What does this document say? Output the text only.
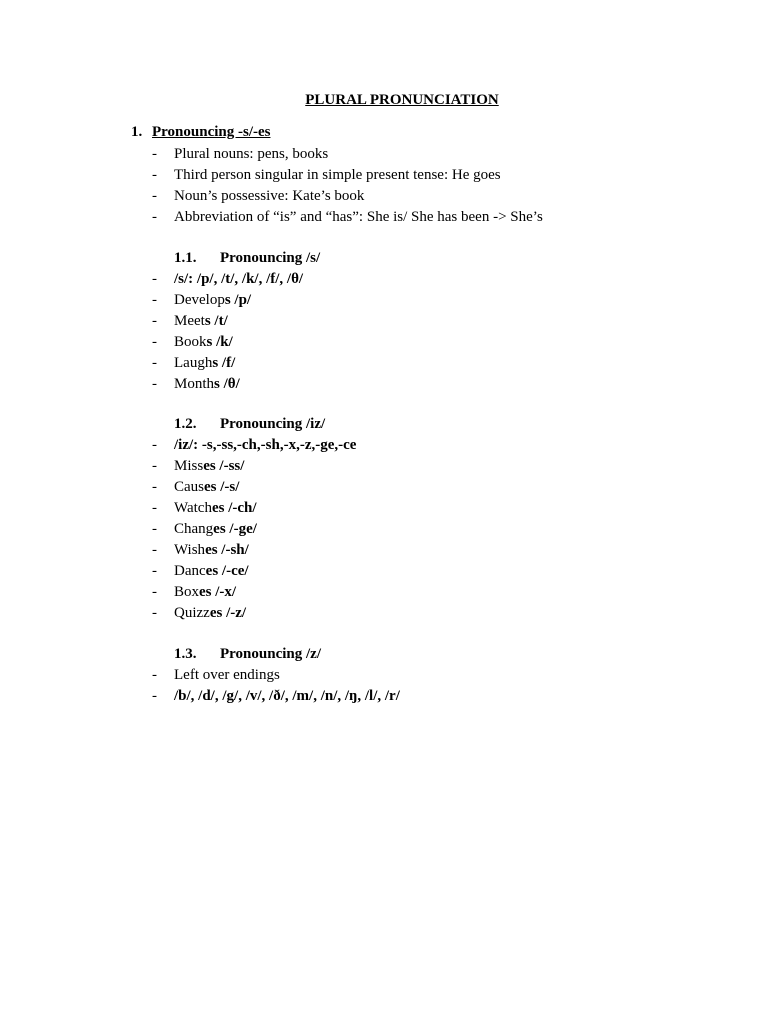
PLURAL PRONUNCIATION
1. Pronouncing -s/-es
- Plural nouns: pens, books
- Third person singular in simple present tense: He goes
- Noun’s possessive: Kate’s book
- Abbreviation of “is” and “has”: She is/ She has been -> She’s
1.1. Pronouncing /s/
- /s/: /p/, /t/, /k/, /f/, /θ/
- Develops /p/
- Meets /t/
- Books /k/
- Laughs /f/
- Months /θ/
1.2. Pronouncing /iz/
- /iz/: -s,-ss,-ch,-sh,-x,-z,-ge,-ce
- Misses /-ss/
- Causes /-s/
- Watches /-ch/
- Changes /-ge/
- Wishes /-sh/
- Dances /-ce/
- Boxes /-x/
- Quizzes /-z/
1.3. Pronouncing /z/
- Left over endings
- /b/, /d/, /g/, /v/, /ð/, /m/, /n/, /ŋ, /l/, /r/
